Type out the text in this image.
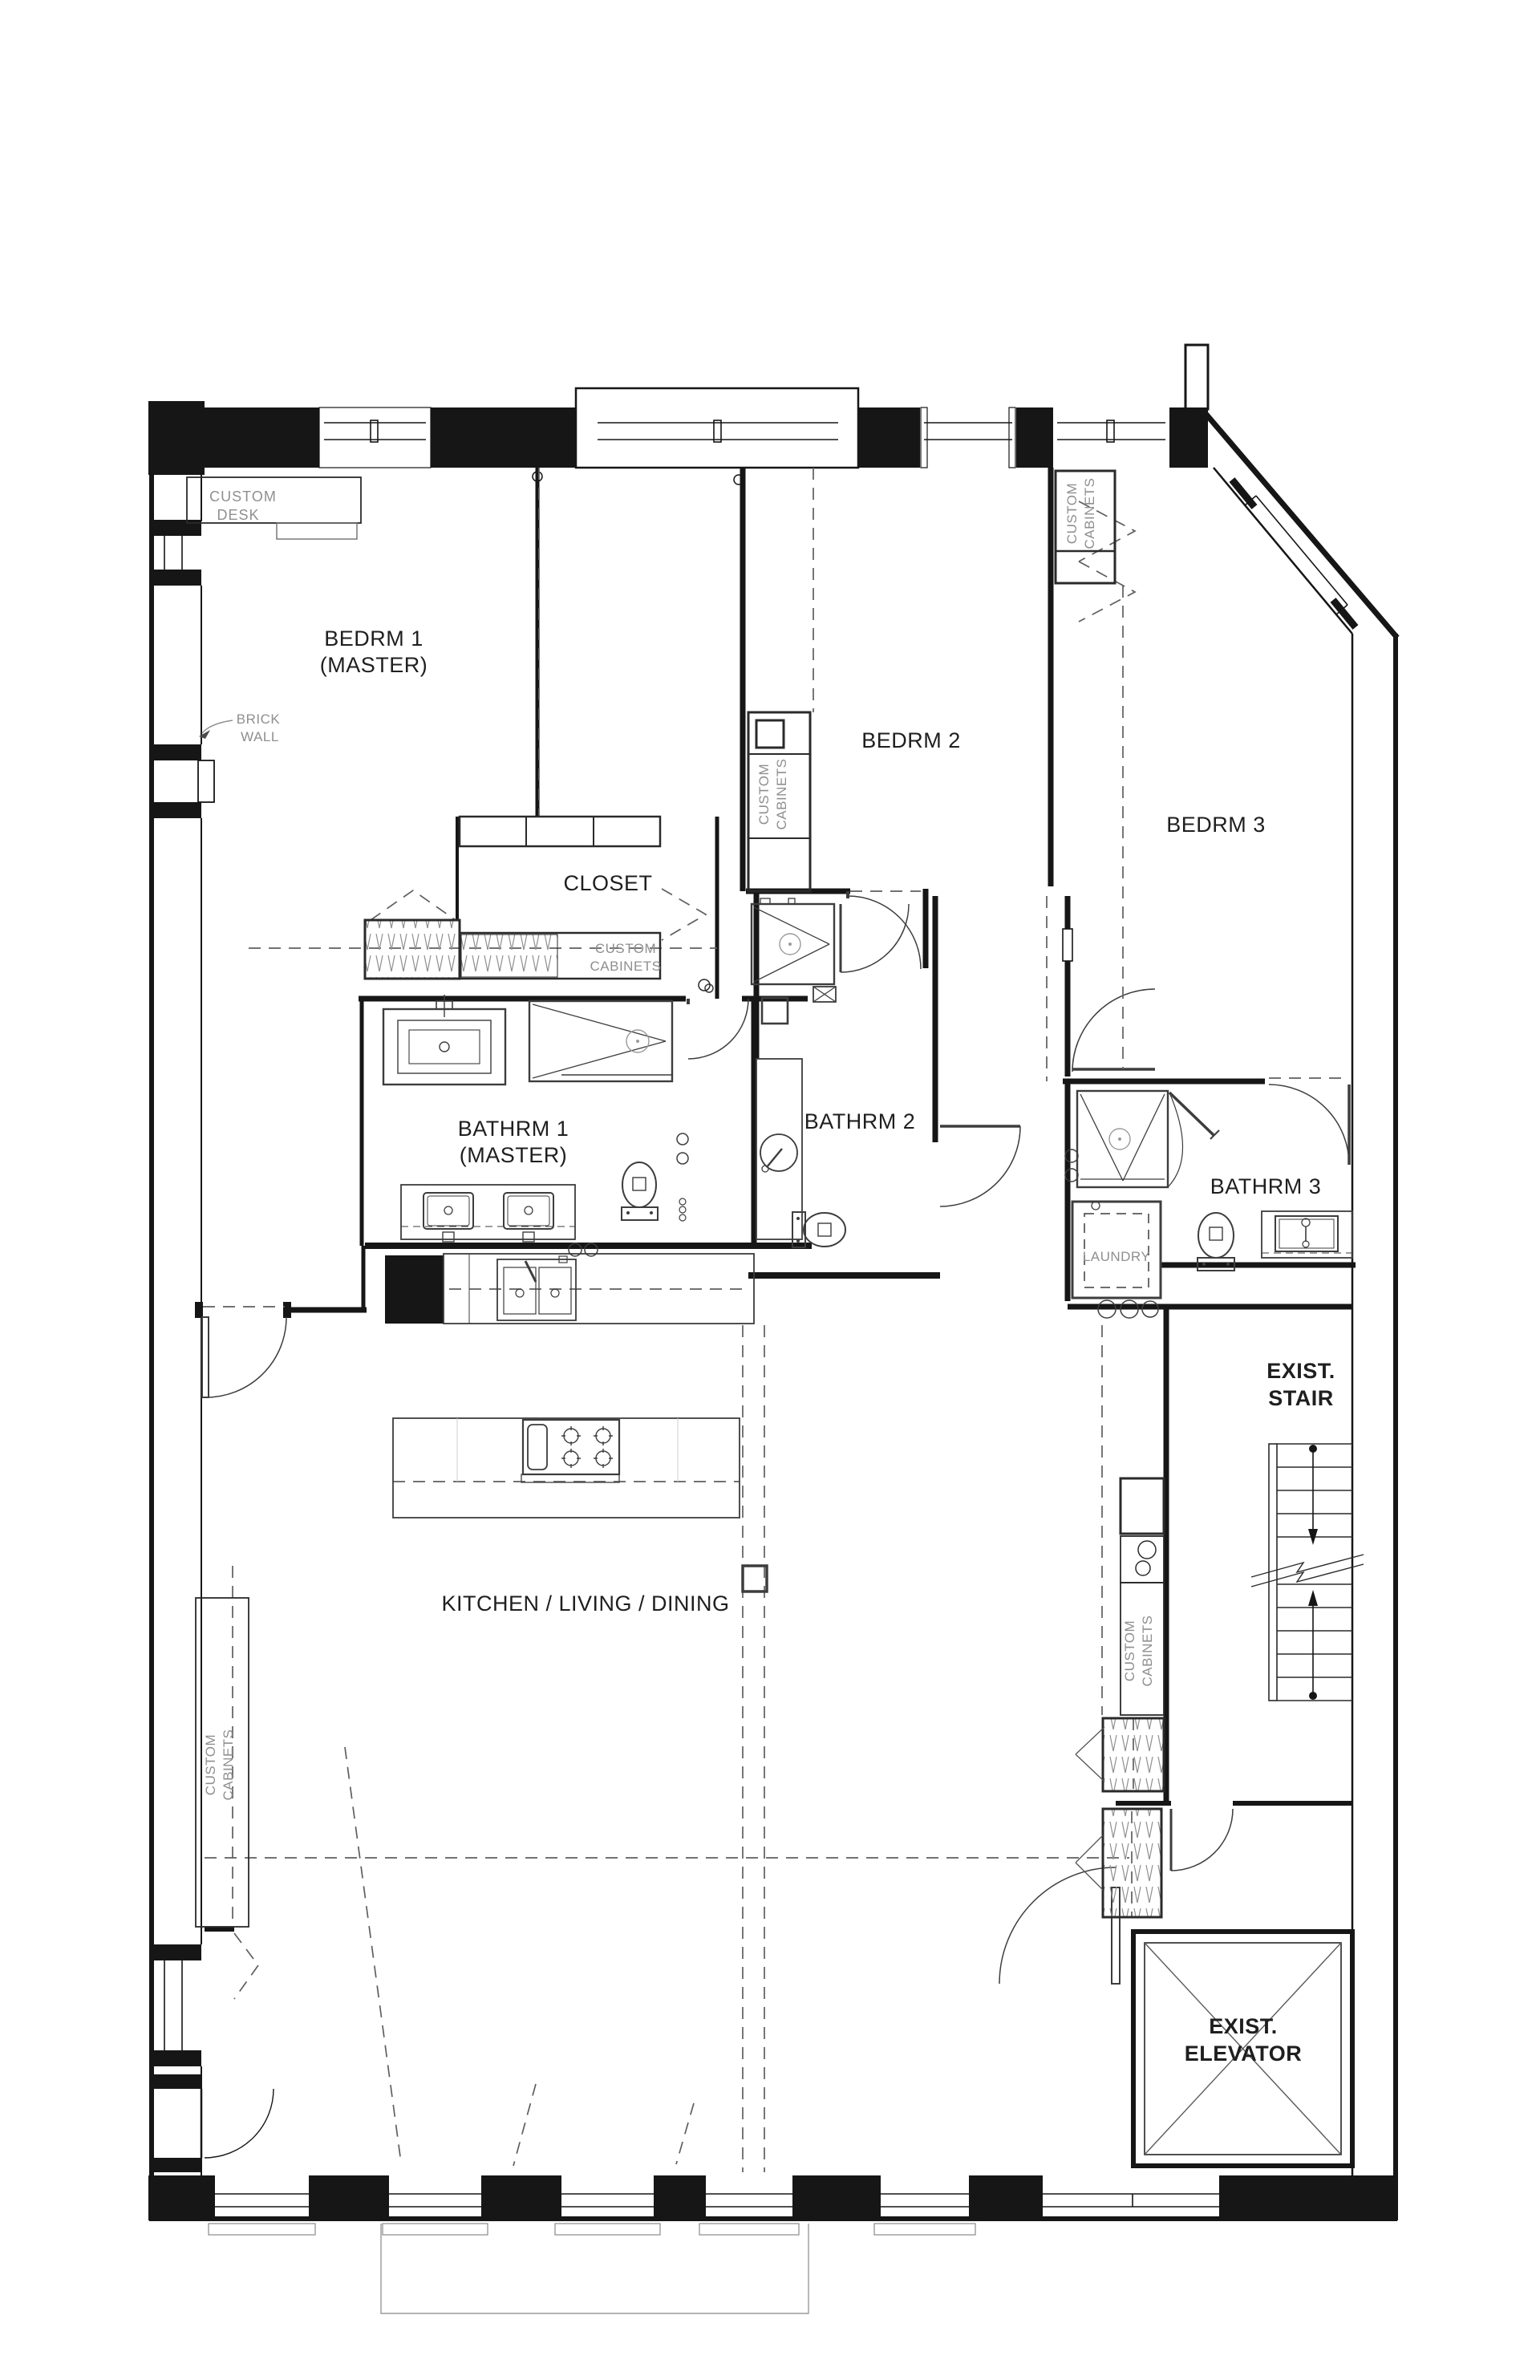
CUSTOM
DESK
BEDRM 1
(MASTER)
BRICK
WALL	BEDRM 2
BEDRM 3
CLOSET
CUSTOM
CABINETS
CUSTOM CABINETS
CUSTOM CABINETS
BATHRM 1
(MASTER)
BATHRM 2
BATHRM 3
LAUNDRY
EXIST.
STAIR
KITCHEN / LIVING / DINING
CUSTOM CABINETS
CUSTOM CABINETS
EXIST.
ELEVATOR
